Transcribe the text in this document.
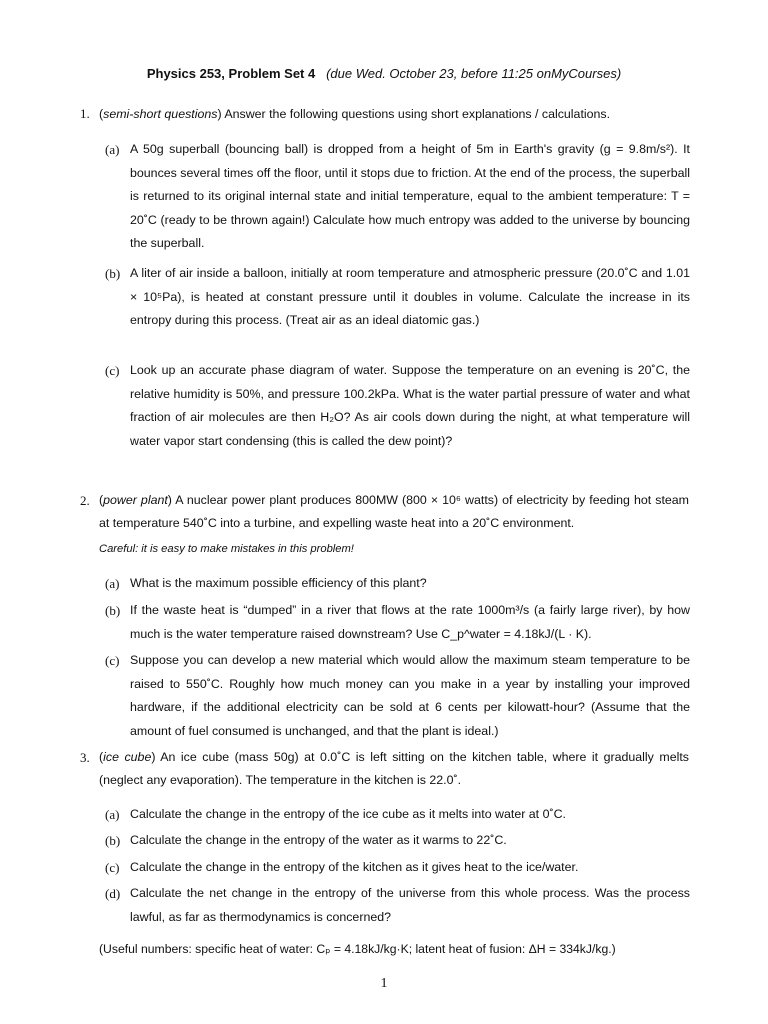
Physics 253, Problem Set 4 (due Wed. October 23, before 11:25 onMyCourses)
1. (semi-short questions) Answer the following questions using short explanations / calculations.
(a) A 50g superball (bouncing ball) is dropped from a height of 5m in Earth's gravity (g = 9.8m/s²). It bounces several times off the floor, until it stops due to friction. At the end of the process, the superball is returned to its original internal state and initial temperature, equal to the ambient temperature: T = 20˚C (ready to be thrown again!) Calculate how much entropy was added to the universe by bouncing the superball.
(b) A liter of air inside a balloon, initially at room temperature and atmospheric pressure (20.0˚C and 1.01 × 10⁵Pa), is heated at constant pressure until it doubles in volume. Calculate the increase in its entropy during this process. (Treat air as an ideal diatomic gas.)
(c) Look up an accurate phase diagram of water. Suppose the temperature on an evening is 20˚C, the relative humidity is 50%, and pressure 100.2kPa. What is the water partial pressure of water and what fraction of air molecules are then H₂O? As air cools down during the night, at what temperature will water vapor start condensing (this is called the dew point)?
2. (power plant) A nuclear power plant produces 800MW (800 × 10⁶ watts) of electricity by feeding hot steam at temperature 540˚C into a turbine, and expelling waste heat into a 20˚C environment.
Careful: it is easy to make mistakes in this problem!
(a) What is the maximum possible efficiency of this plant?
(b) If the waste heat is “dumped” in a river that flows at the rate 1000m³/s (a fairly large river), by how much is the water temperature raised downstream? Use C_p^water = 4.18kJ/(L · K).
(c) Suppose you can develop a new material which would allow the maximum steam temperature to be raised to 550˚C. Roughly how much money can you make in a year by installing your improved hardware, if the additional electricity can be sold at 6 cents per kilowatt-hour? (Assume that the amount of fuel consumed is unchanged, and that the plant is ideal.)
3. (ice cube) An ice cube (mass 50g) at 0.0˚C is left sitting on the kitchen table, where it gradually melts (neglect any evaporation). The temperature in the kitchen is 22.0˚.
(a) Calculate the change in the entropy of the ice cube as it melts into water at 0˚C.
(b) Calculate the change in the entropy of the water as it warms to 22˚C.
(c) Calculate the change in the entropy of the kitchen as it gives heat to the ice/water.
(d) Calculate the net change in the entropy of the universe from this whole process. Was the process lawful, as far as thermodynamics is concerned?
(Useful numbers: specific heat of water: Cₚ = 4.18kJ/kg·K; latent heat of fusion: ΔH = 334kJ/kg.)
1
